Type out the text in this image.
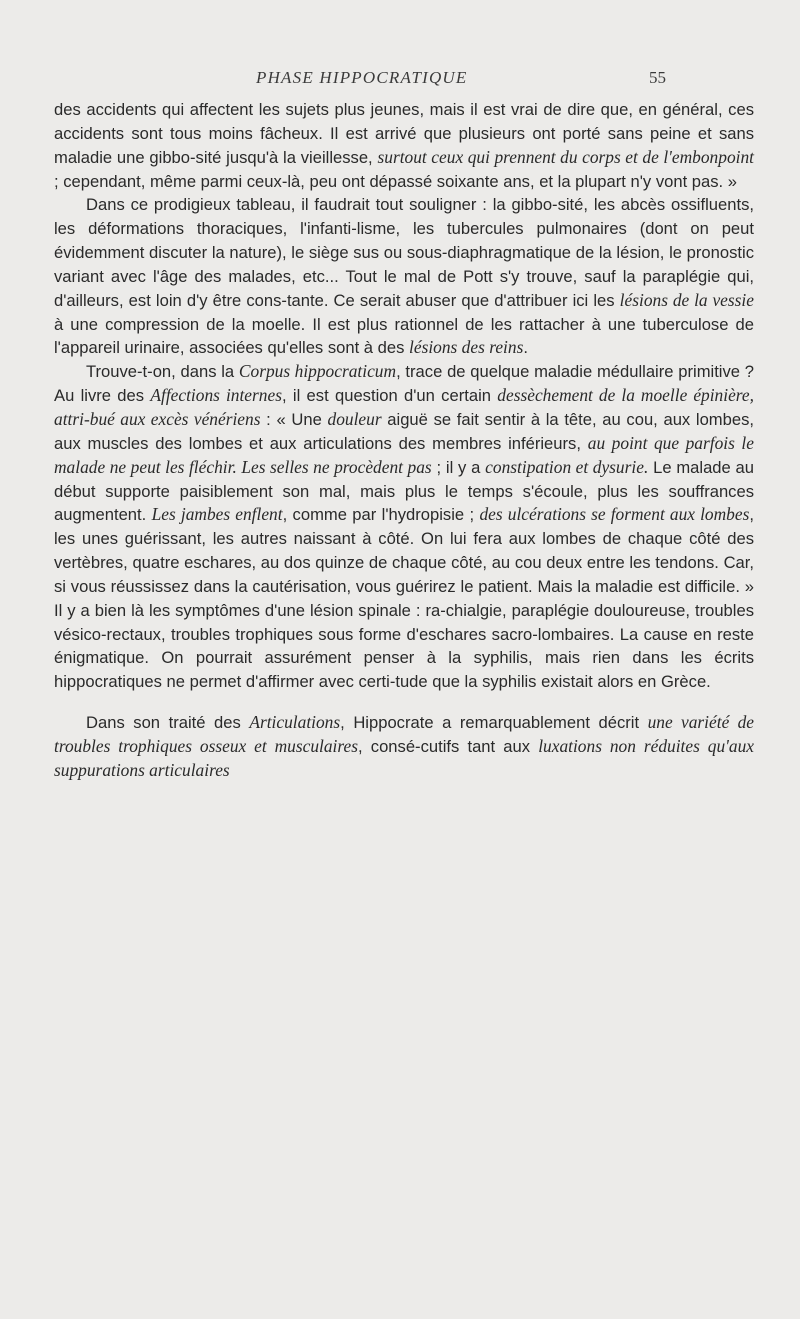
PHASE HIPPOCRATIQUE	55

des accidents qui affectent les sujets plus jeunes, mais il est vrai de dire que, en général, ces accidents sont tous moins fâcheux. Il est arrivé que plusieurs ont porté sans peine et sans maladie une gibbo-sité jusqu'à la vieillesse, surtout ceux qui prennent du corps et de l'embonpoint ; cependant, même parmi ceux-là, peu ont dépassé soixante ans, et la plupart n'y vont pas. »

Dans ce prodigieux tableau, il faudrait tout souligner : la gibbo-sité, les abcès ossifluents, les déformations thoraciques, l'infanti-lisme, les tubercules pulmonaires (dont on peut évidemment discuter la nature), le siège sus ou sous-diaphragmatique de la lésion, le pronostic variant avec l'âge des malades, etc... Tout le mal de Pott s'y trouve, sauf la paraplégie qui, d'ailleurs, est loin d'y être cons-tante. Ce serait abuser que d'attribuer ici les lésions de la vessie à une compression de la moelle. Il est plus rationnel de les rattacher à une tuberculose de l'appareil urinaire, associées qu'elles sont à des lésions des reins.

Trouve-t-on, dans la Corpus hippocraticum, trace de quelque maladie médullaire primitive ? Au livre des Affections internes, il est question d'un certain dessèchement de la moelle épinière, attri-bué aux excès vénériens : « Une douleur aiguë se fait sentir à la tête, au cou, aux lombes, aux muscles des lombes et aux articulations des membres inférieurs, au point que parfois le malade ne peut les fléchir. Les selles ne procèdent pas ; il y a constipation et dysurie. Le malade au début supporte paisiblement son mal, mais plus le temps s'écoule, plus les souffrances augmentent. Les jambes enflent, comme par l'hydropisie ; des ulcérations se forment aux lombes, les unes guérissant, les autres naissant à côté. On lui fera aux lombes de chaque côté des vertèbres, quatre eschares, au dos quinze de chaque côté, au cou deux entre les tendons. Car, si vous réussissez dans la cautérisation, vous guérirez le patient. Mais la maladie est difficile. » Il y a bien là les symptômes d'une lésion spinale : ra-chialgie, paraplégie douloureuse, troubles vésico-rectaux, troubles trophiques sous forme d'eschares sacro-lombaires. La cause en reste énigmatique. On pourrait assurément penser à la syphilis, mais rien dans les écrits hippocratiques ne permet d'affirmer avec certi-tude que la syphilis existait alors en Grèce.

Dans son traité des Articulations, Hippocrate a remarquablement décrit une variété de troubles trophiques osseux et musculaires, consé-cutifs tant aux luxations non réduites qu'aux suppurations articulaires
